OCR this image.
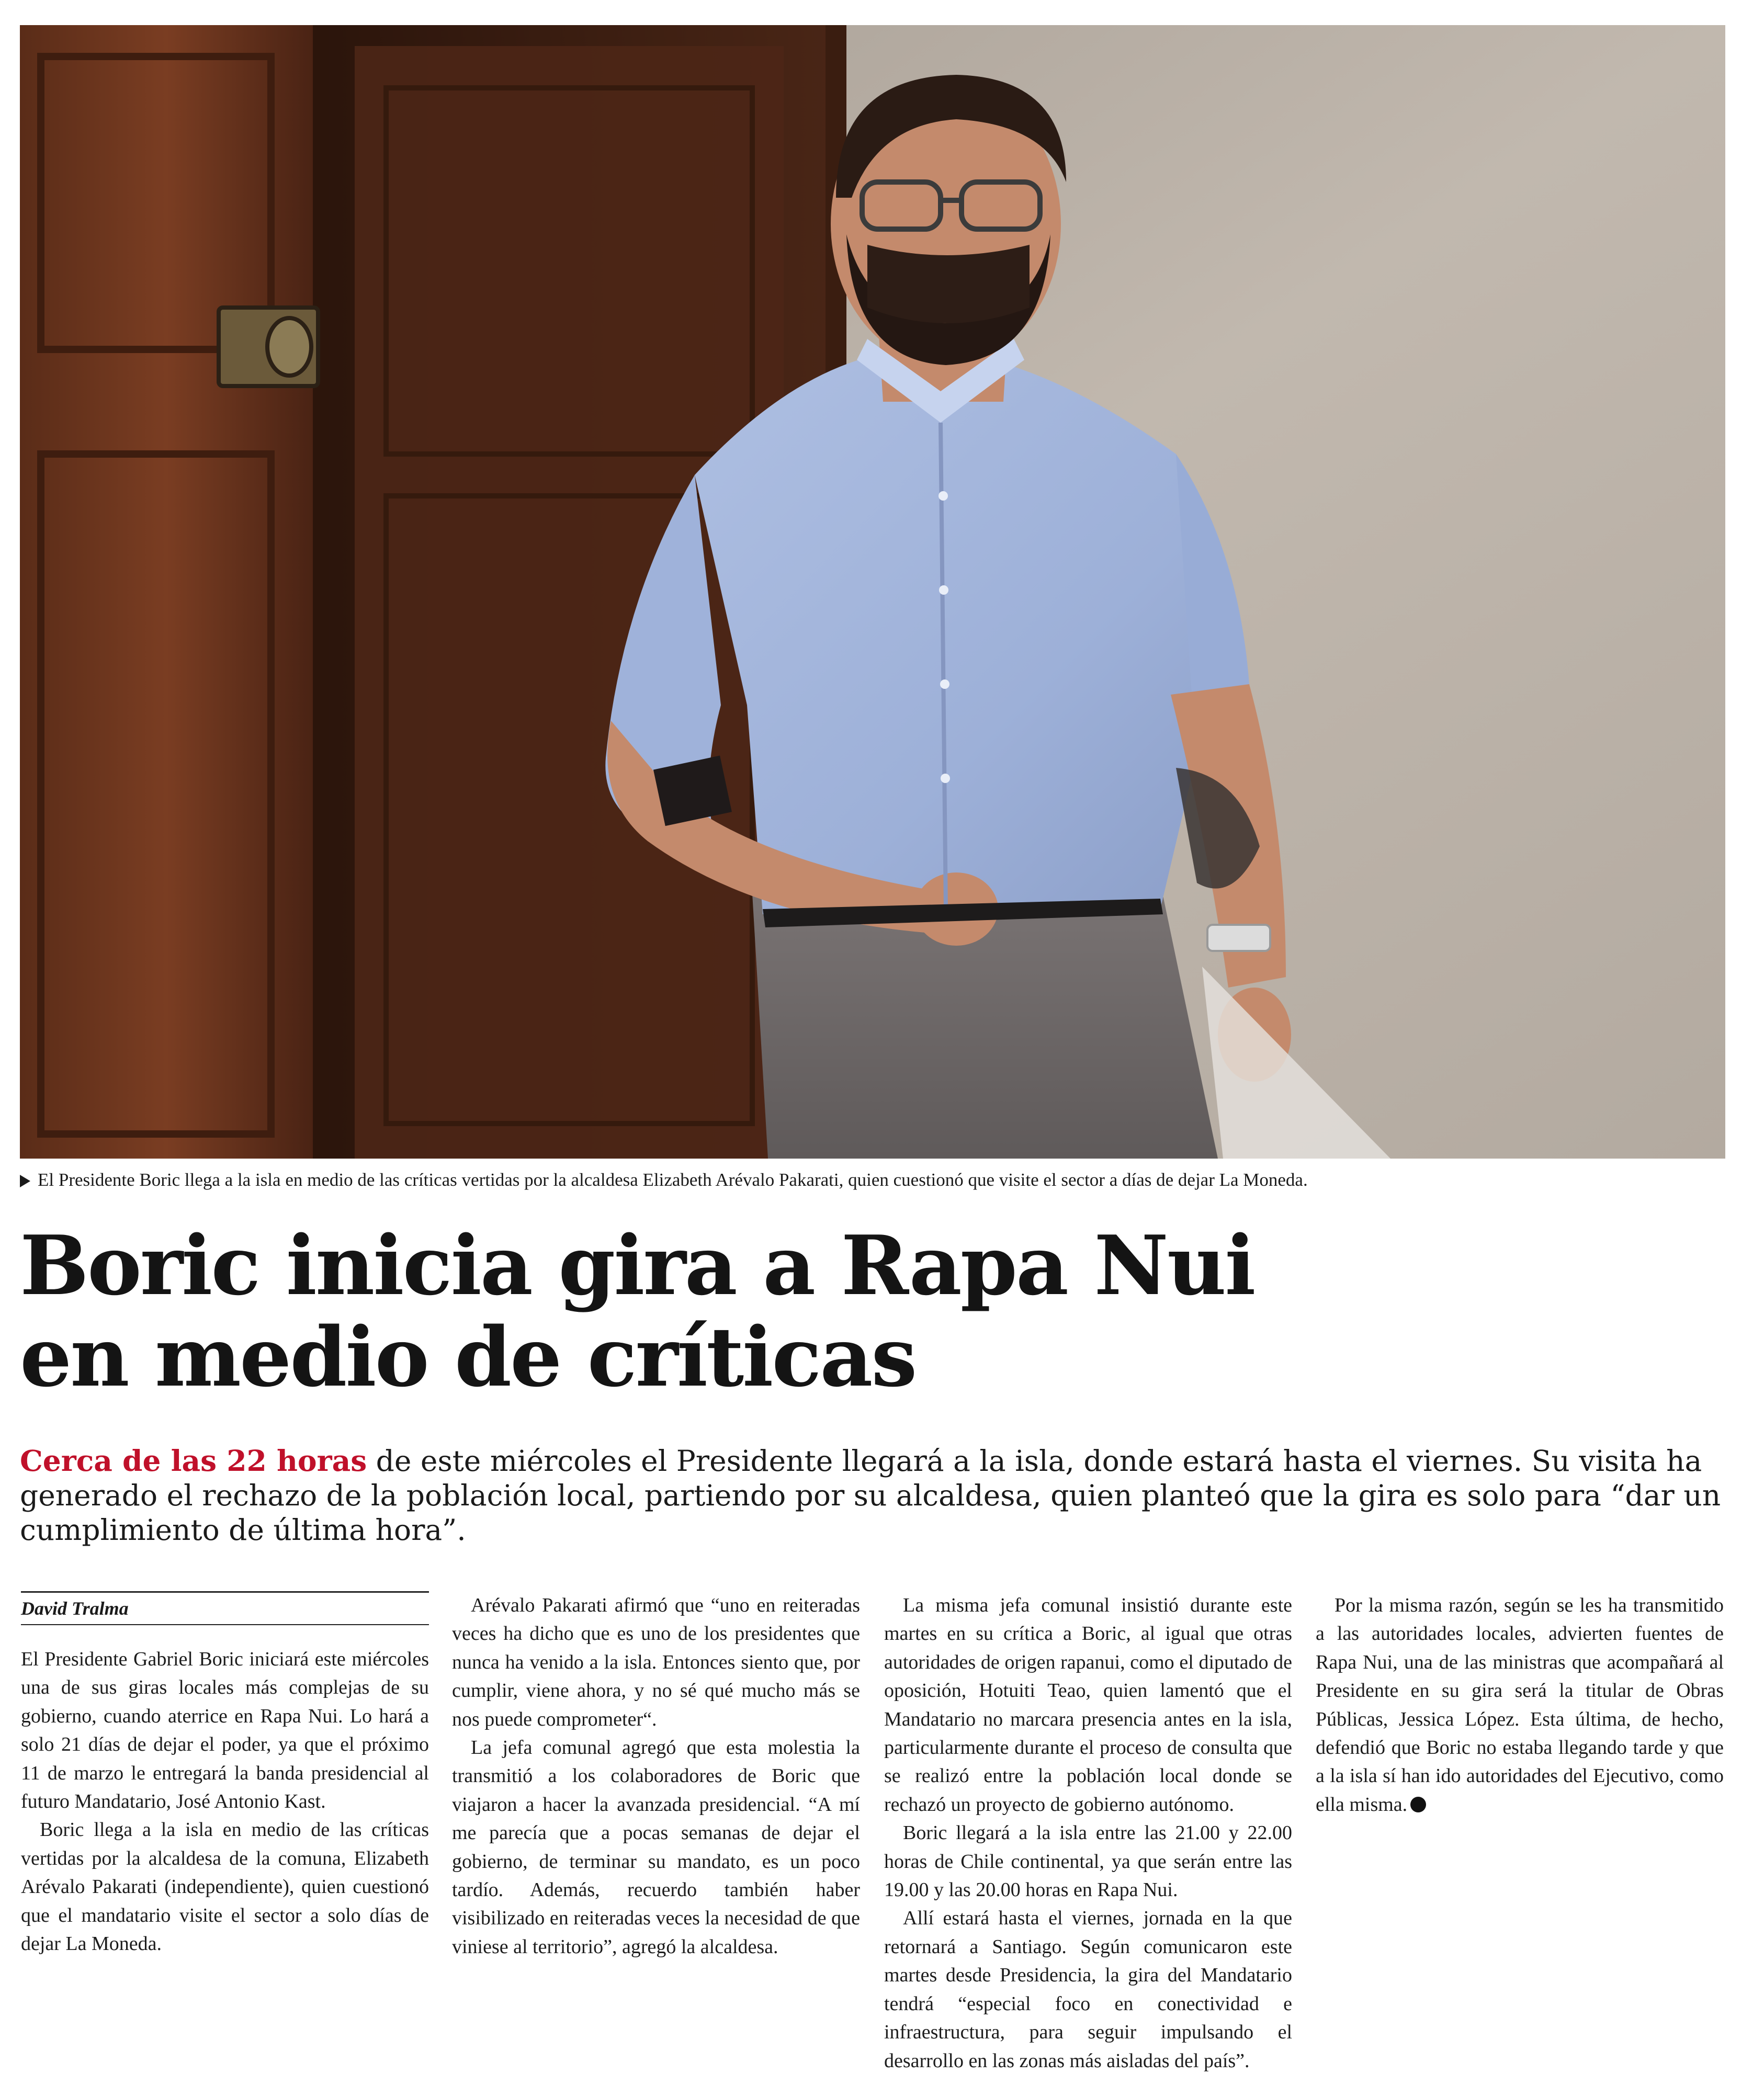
El Presidente Boric llega a la isla en medio de las críticas vertidas por la alcaldesa Elizabeth Arévalo Pakarati, quien cuestionó que visite el sector a días de dejar La Moneda.
Boric inicia gira a Rapa Nui
en medio de críticas

Cerca de las 22 horas de este miércoles el Presidente llegará a la isla, donde estará hasta el viernes. Su visita ha generado el rechazo de la población local, partiendo por su alcaldesa, quien planteó que la gira es solo para “dar un cumplimiento de última hora”.

David Tralma

El Presidente Gabriel Boric iniciará este miércoles una de sus giras locales más complejas de su gobierno, cuando aterrice en Rapa Nui. Lo hará a solo 21 días de dejar el poder, ya que el próximo 11 de marzo le entregará la banda presidencial al futuro Mandatario, José Antonio Kast.

Boric llega a la isla en medio de las críticas vertidas por la alcaldesa de la comuna, Elizabeth Arévalo Pakarati (independiente), quien cuestionó que el mandatario visite el sector a solo días de dejar La Moneda.

Arévalo Pakarati afirmó que “uno en reiteradas veces ha dicho que es uno de los presidentes que nunca ha venido a la isla. Entonces siento que, por cumplir, viene ahora, y no sé qué mucho más se nos puede comprometer“.

La jefa comunal agregó que esta molestia la transmitió a los colaboradores de Boric que viajaron a hacer la avanzada presidencial. “A mí me parecía que a pocas semanas de dejar el gobierno, de terminar su mandato, es un poco tardío. Además, recuerdo también haber visibilizado en reiteradas veces la necesidad de que viniese al territorio”, agregó la alcaldesa.

La misma jefa comunal insistió durante este martes en su crítica a Boric, al igual que otras autoridades de origen rapanui, como el diputado de oposición, Hotuiti Teao, quien lamentó que el Mandatario no marcara presencia antes en la isla, particularmente durante el proceso de consulta que se realizó entre la población local donde se rechazó un proyecto de gobierno autónomo.

Boric llegará a la isla entre las 21.00 y 22.00 horas de Chile continental, ya que serán entre las 19.00 y las 20.00 horas en Rapa Nui.

Allí estará hasta el viernes, jornada en la que retornará a Santiago. Según comunicaron este martes desde Presidencia, la gira del Mandatario tendrá “especial foco en conectividad e infraestructura, para seguir impulsando el desarrollo en las zonas más aisladas del país”.

Por la misma razón, según se les ha transmitido a las autoridades locales, advierten fuentes de Rapa Nui, una de las ministras que acompañará al Presidente en su gira será la titular de Obras Públicas, Jessica López. Esta última, de hecho, defendió que Boric no estaba llegando tarde y que a la isla sí han ido autoridades del Ejecutivo, como ella misma.
